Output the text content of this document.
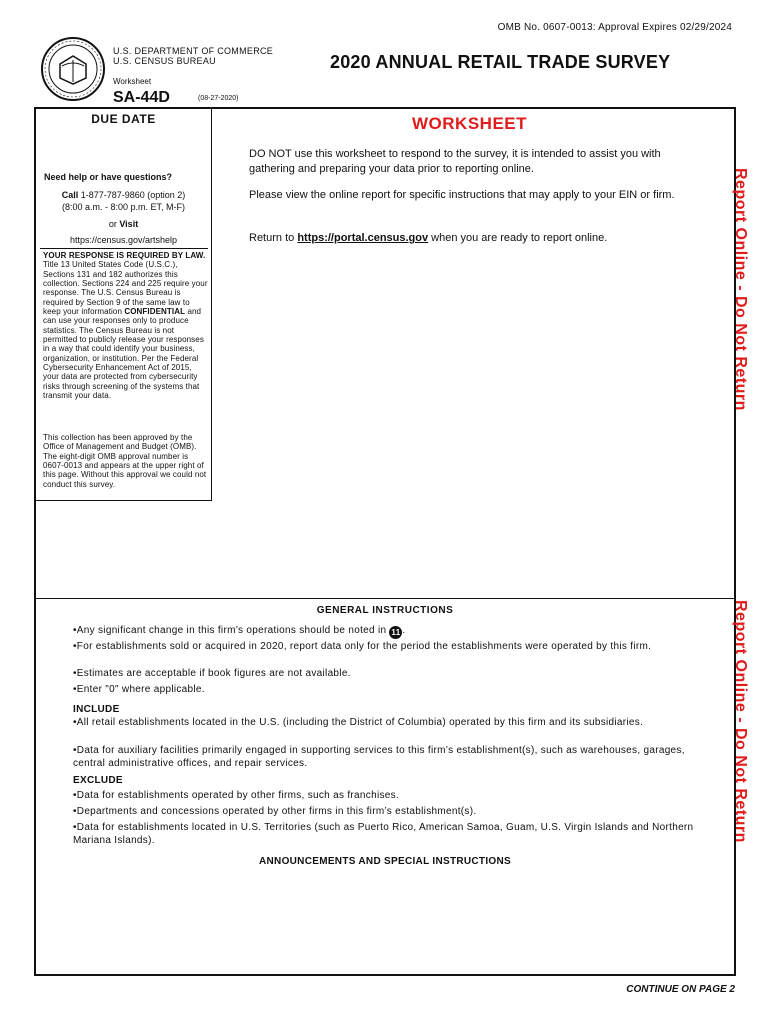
OMB No. 0607-0013: Approval Expires 02/29/2024
U.S. DEPARTMENT OF COMMERCE
U.S. CENSUS BUREAU	2020 ANNUAL RETAIL TRADE SURVEY
Worksheet
SA-44D	(08-27-2020)
DUE DATE
Need help or have questions?
Call 1-877-787-9860 (option 2)
(8:00 a.m. - 8:00 p.m. ET, M-F)
or Visit
https://census.gov/artshelp
YOUR RESPONSE IS REQUIRED BY LAW. Title 13 United States Code (U.S.C.), Sections 131 and 182 authorizes this collection. Sections 224 and 225 require your response. The U.S. Census Bureau is required by Section 9 of the same law to keep your information CONFIDENTIAL and can use your responses only to produce statistics. The Census Bureau is not permitted to publicly release your responses in a way that could identify your business, organization, or institution. Per the Federal Cybersecurity Enhancement Act of 2015, your data are protected from cybersecurity risks through screening of the systems that transmit your data.
This collection has been approved by the Office of Management and Budget (OMB). The eight-digit OMB approval number is 0607-0013 and appears at the upper right of this page. Without this approval we could not conduct this survey.
WORKSHEET
DO NOT use this worksheet to respond to the survey, it is intended to assist you with gathering and preparing your data prior to reporting online.
Please view the online report for specific instructions that may apply to your EIN or firm.
Return to https://portal.census.gov when you are ready to report online.	Report Online - Do Not Return
Report Online - Do Not Return
GENERAL INSTRUCTIONS
•Any significant change in this firm’s operations should be noted in 11 .
•For establishments sold or acquired in 2020, report data only for the period the establishments were operated by this firm.
•Estimates are acceptable if book figures are not available.
•Enter "0" where applicable.
INCLUDE
•All retail establishments located in the U.S. (including the District of Columbia) operated by this firm and its subsidiaries.
•Data for auxiliary facilities primarily engaged in supporting services to this firm’s establishment(s), such as warehouses, garages, central administrative offices, and repair services.
EXCLUDE
•Data for establishments operated by other firms, such as franchises.
•Departments and concessions operated by other firms in this firm’s establishment(s).
•Data for establishments located in U.S. Territories (such as Puerto Rico, American Samoa, Guam, U.S. Virgin Islands and Northern Mariana Islands).
ANNOUNCEMENTS AND SPECIAL INSTRUCTIONS
CONTINUE ON PAGE 2
